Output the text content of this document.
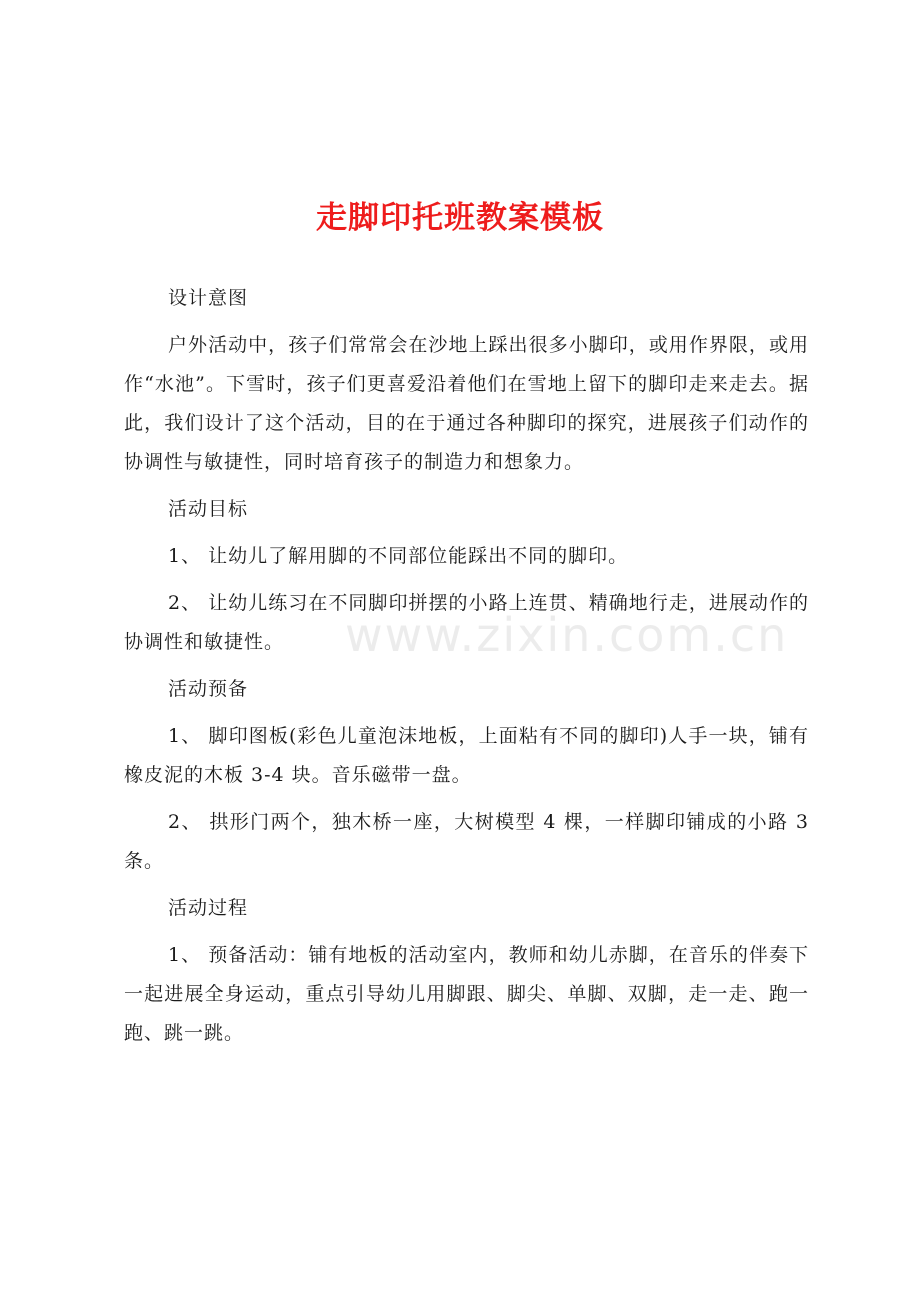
走脚印托班教案模板

设计意图

户外活动中，孩子们常常会在沙地上踩出很多小脚印，或用作界限，或用作“水池”。下雪时，孩子们更喜爱沿着他们在雪地上留下的脚印走来走去。据此，我们设计了这个活动，目的在于通过各种脚印的探究，进展孩子们动作的协调性与敏捷性，同时培育孩子的制造力和想象力。

活动目标

1、 让幼儿了解用脚的不同部位能踩出不同的脚印。

2、 让幼儿练习在不同脚印拼摆的小路上连贯、精确地行走，进展动作的协调性和敏捷性。

活动预备

1、 脚印图板(彩色儿童泡沫地板，上面粘有不同的脚印)人手一块，铺有橡皮泥的木板 3-4 块。音乐磁带一盘。

2、 拱形门两个，独木桥一座，大树模型 4 棵，一样脚印铺成的小路 3 条。

活动过程

1、 预备活动：铺有地板的活动室内，教师和幼儿赤脚，在音乐的伴奏下一起进展全身运动，重点引导幼儿用脚跟、脚尖、单脚、双脚，走一走、跑一跑、跳一跳。

www.zixin.com.cn
